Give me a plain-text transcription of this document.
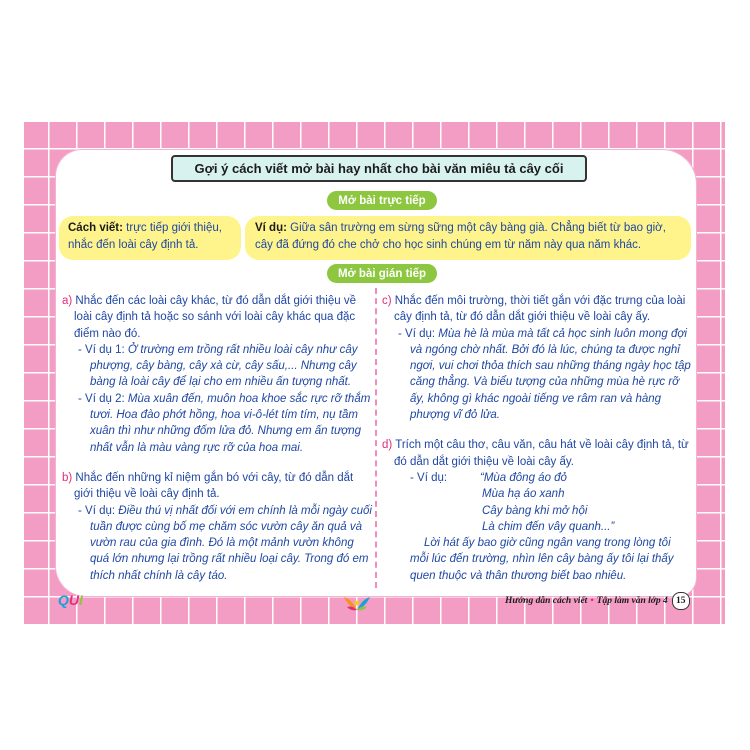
Gợi ý cách viết mở bài hay nhất cho bài văn miêu tả cây cối
Mở bài trực tiếp
Cách viết: trực tiếp giới thiệu, nhắc đến loài cây định tả.
Ví dụ: Giữa sân trường em sừng sững một cây bàng già. Chẳng biết từ bao giờ, cây đã đứng đó che chở cho học sinh chúng em từ năm này qua năm khác.
Mở bài gián tiếp
a) Nhắc đến các loài cây khác, từ đó dẫn dắt giới thiệu về loài cây định tả hoặc so sánh với loài cây khác qua đặc điểm nào đó.
- Ví dụ 1: Ở trường em trồng rất nhiều loài cây như cây phượng, cây bàng, cây xà cừ, cây sấu,... Nhưng cây bàng là loài cây để lại cho em nhiều ấn tượng nhất.
- Ví dụ 2: Mùa xuân đến, muôn hoa khoe sắc rực rỡ thắm tươi. Hoa đào phớt hồng, hoa vi-ô-lét tím tím, nụ tầm xuân thì như những đốm lửa đỏ. Nhưng em ấn tượng nhất vẫn là màu vàng rực rỡ của hoa mai.
b) Nhắc đến những kỉ niệm gắn bó với cây, từ đó dẫn dắt giới thiệu về loài cây định tả.
- Ví dụ: Điều thú vị nhất đối với em chính là mỗi ngày cuối tuần được cùng bố mẹ chăm sóc vườn cây ăn quả và vườn rau của gia đình. Đó là một mảnh vườn không quá lớn nhưng lại trồng rất nhiều loại cây. Trong đó em thích nhất chính là cây táo.
c) Nhắc đến môi trường, thời tiết gắn với đặc trưng của loài cây định tả, từ đó dẫn dắt giới thiệu về loài cây ấy.
- Ví dụ: Mùa hè là mùa mà tất cả học sinh luôn mong đợi và ngóng chờ nhất. Bởi đó là lúc, chúng ta được nghỉ ngơi, vui chơi thỏa thích sau những tháng ngày học tập căng thẳng. Và biểu tượng của những mùa hè rực rỡ ấy, không gì khác ngoài tiếng ve râm ran và hàng phượng vĩ đỏ lửa.
d) Trích một câu thơ, câu văn, câu hát về loài cây định tả, từ đó dẫn dắt giới thiệu về loài cây ấy.
- Ví dụ:	“Mùa đông áo đỏ
Mùa hạ áo xanh
Cây bàng khi mở hội
Là chim đến vây quanh...”
Lời hát ấy bao giờ cũng ngân vang trong lòng tôi mỗi lúc đến trường, nhìn lên cây bàng ấy tôi lại thấy quen thuộc và thân thương biết bao nhiêu.
QUI	Hướng dẫn cách viết • Tập làm văn lớp 4 15
